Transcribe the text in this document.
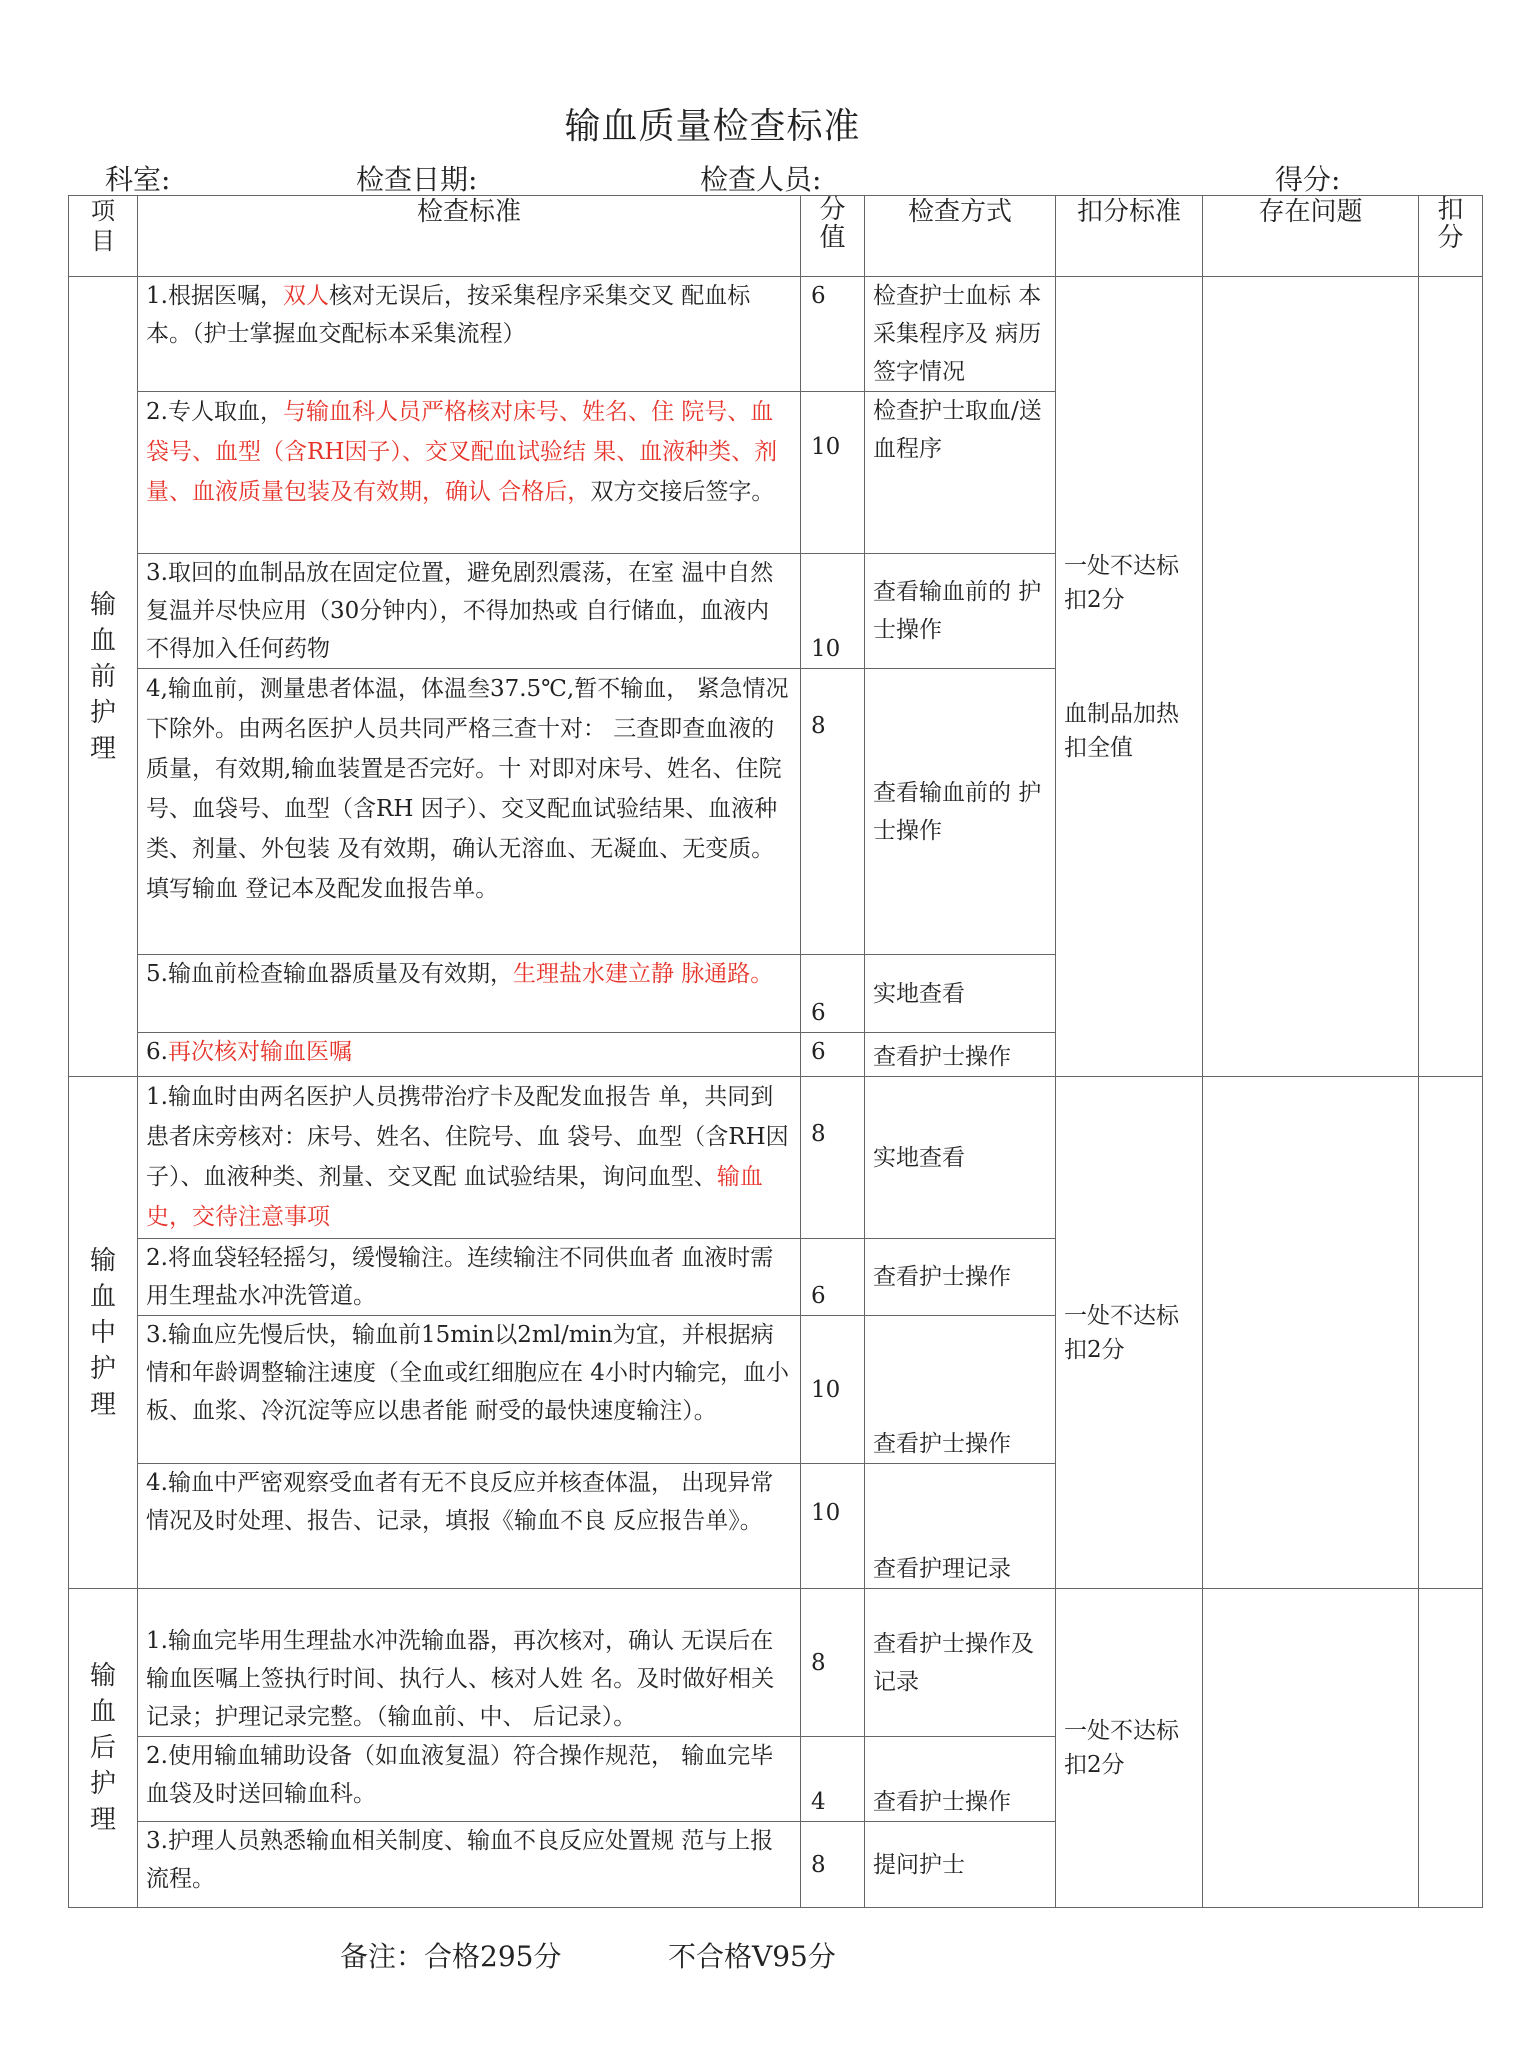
输血质量检查标准
科室:	检查日期:	检查人员:	得分:
项目	检查标准	分值	检查方式	扣分标准	存在问题	扣分
输血前护理	1.根据医嘱，双人核对无误后，按采集程序采集交叉 配血标本。（护士掌握血交配标本采集流程）	6	检查护士血标 本采集程序及 病历签字情况	一处不达标扣2分
血制品加热扣全值		

	2.专人取血，与输血科人员严格核对床号、姓名、住 院号、血袋号、血型（含RH因子）、交叉配血试验结 果、血液种类、剂量、血液质量包装及有效期，确认 合格后，双方交接后签字。	10	检查护士取血/送血程序			
	3.取回的血制品放在固定位置，避免剧烈震荡，在室 温中自然复温并尽快应用（30分钟内），不得加热或 自行储血，血液内不得加入任何药物	10	查看输血前的 护士操作			
	4,输血前，测量患者体温，体温叁37.5℃,暂不输血， 紧急情况下除外。由两名医护人员共同严格三查十对： 三查即查血液的质量，有效期,输血装置是否完好。十 对即对床号、姓名、住院号、血袋号、血型（含RH 因子）、交叉配血试验结果、血液种类、剂量、外包装 及有效期，确认无溶血、无凝血、无变质。填写输血 登记本及配发血报告单。	8	查看输血前的 护士操作			
	5.输血前检查输血器质量及有效期，生理盐水建立静 脉通路。	6	实地查看			
	6.再次核对输血医嘱	6	查看护士操作			
输血中护理	1.输血时由两名医护人员携带治疗卡及配发血报告 单，共同到患者床旁核对：床号、姓名、住院号、血 袋号、血型（含RH因子）、血液种类、剂量、交叉配 血试验结果，询问血型、输血史，交待注意事项	8	实地查看	一处不达标扣2分		
	2.将血袋轻轻摇匀，缓慢输注。连续输注不同供血者 血液时需用生理盐水冲洗管道。	6	查看护士操作			
	3.输血应先慢后快，输血前15min以2ml/min为宜，并根据病情和年龄调整输注速度（全血或红细胞应在 4小时内输完，血小板、血浆、冷沉淀等应以患者能 耐受的最快速度输注）。	10	查看护士操作			
	4.输血中严密观察受血者有无不良反应并核查体温， 出现异常情况及时处理、报告、记录，填报《输血不良 反应报告单》。	10	查看护理记录			
输血后护理	1.输血完毕用生理盐水冲洗输血器，再次核对，确认 无误后在输血医嘱上签执行时间、执行人、核对人姓 名。及时做好相关记录；护理记录完整。（输血前、中、 后记录）。	8	查看护士操作及记录	一处不达标扣2分		
	2.使用输血辅助设备（如血液复温）符合操作规范， 输血完毕血袋及时送回输血科。	4	查看护士操作			
	3.护理人员熟悉输血相关制度、输血不良反应处置规 范与上报流程。	8	提问护士			
备注：合格295分	不合格V95分
